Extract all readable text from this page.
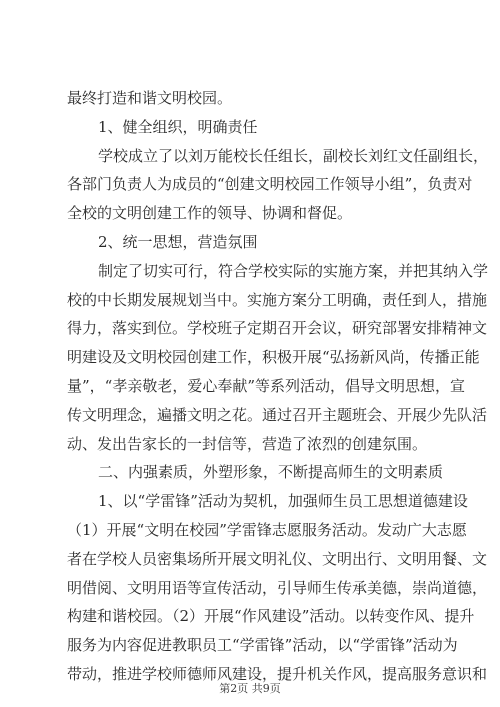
最终打造和谐文明校园。
1、健全组织，明确责任
学校成立了以刘万能校长任组长，副校长刘红文任副组长，
各部门负责人为成员的“创建文明校园工作领导小组”，负责对
全校的文明创建工作的领导、协调和督促。
2、统一思想，营造氛围
制定了切实可行，符合学校实际的实施方案，并把其纳入学
校的中长期发展规划当中。实施方案分工明确，责任到人，措施
得力，落实到位。学校班子定期召开会议，研究部署安排精神文
明建设及文明校园创建工作，积极开展“弘扬新风尚，传播正能
量”，“孝亲敬老，爱心奉献”等系列活动，倡导文明思想，宣
传文明理念，遍播文明之花。通过召开主题班会、开展少先队活
动、发出告家长的一封信等，营造了浓烈的创建氛围。
二、内强素质，外塑形象，不断提高师生的文明素质
1、以“学雷锋”活动为契机，加强师生员工思想道德建设
（1）开展“文明在校园”学雷锋志愿服务活动。发动广大志愿
者在学校人员密集场所开展文明礼仪、文明出行、文明用餐、文
明借阅、文明用语等宣传活动，引导师生传承美德，崇尚道德，
构建和谐校园。（2）开展“作风建设”活动。以转变作风、提升
服务为内容促进教职员工“学雷锋”活动，以“学雷锋”活动为
带动，推进学校师德师风建设，提升机关作风，提高服务意识和
第2页 共9页
